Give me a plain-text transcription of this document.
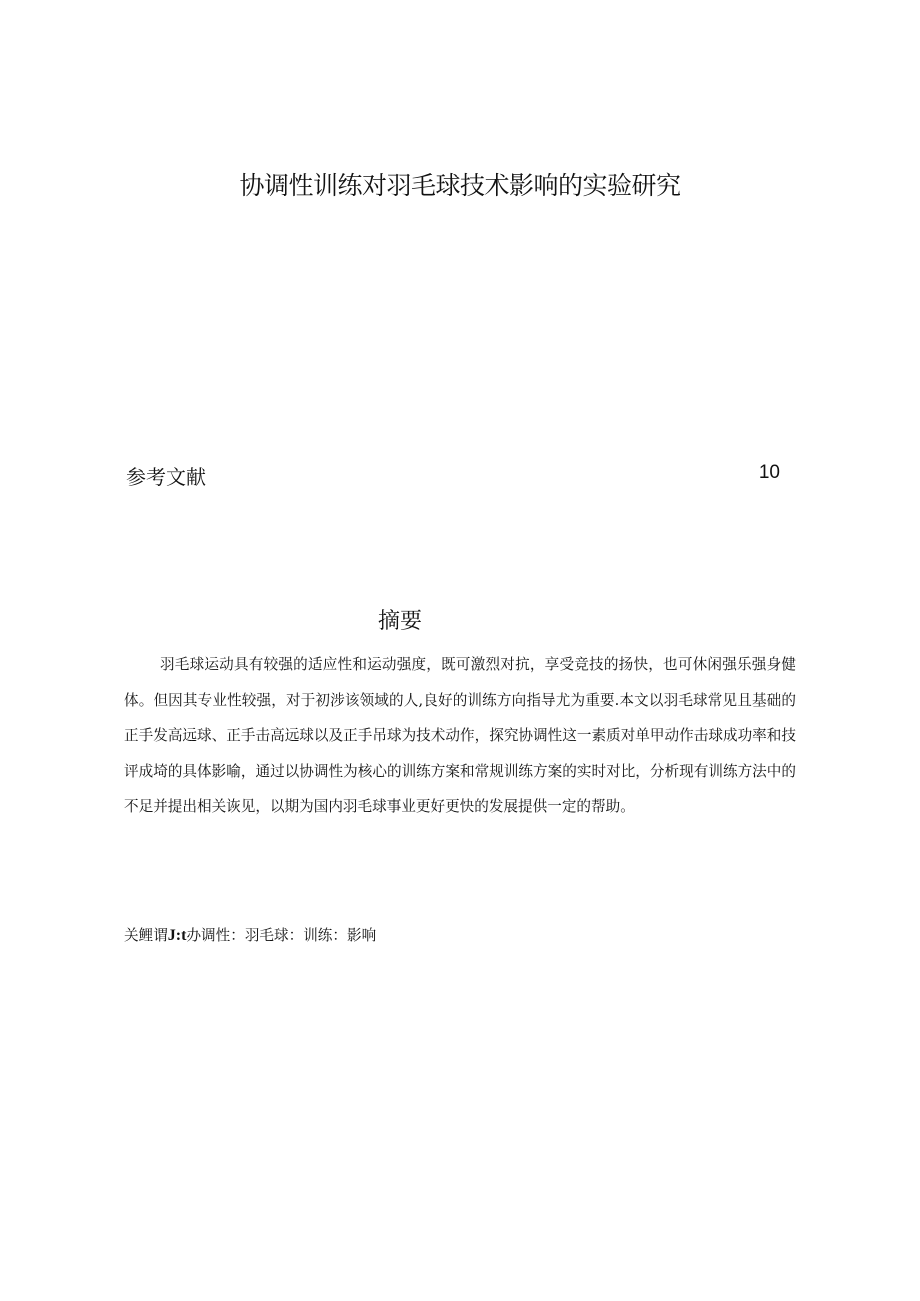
协调性训练对羽毛球技术影响的实验研究
参考文献	10
摘要

羽毛球运动具有较强的适应性和运动强度，既可激烈对抗，享受竞技的扬快，也可休闲强乐强身健体。但因其专业性较强，对于初涉该领域的人,良好的训练方向指导尤为重要.本文以羽毛球常见且基础的正手发高远球、正手击高远球以及正手吊球为技术动作，探究协调性这一素质对单甲动作击球成功率和技评成埼的具体影喻，通过以协调性为核心的训练方案和常规训练方案的实时对比，分析现有训练方法中的不足并提出相关诙见，以期为国内羽毛球事业更好更快的发展提供一定的帮助。

关鲤谓J:t办调性：羽毛球：训练：影响
